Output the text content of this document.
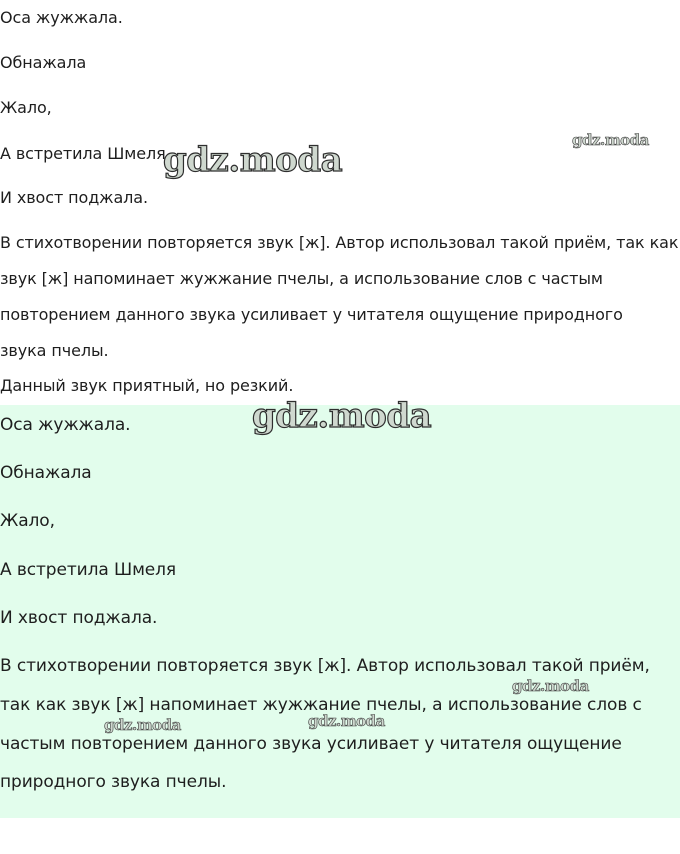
Оса жужжала.

Обнажала

Жало,

А встретила Шмеля

И хвост поджала.

В стихотворении повторяется звук [ж]. Автор использовал такой приём, так как

звук [ж] напоминает жужжание пчелы, а использование слов с частым

повторением данного звука усиливает у читателя ощущение природного

звука пчелы.

Данный звук приятный, но резкий.

Оса жужжала.

Обнажала

Жало,

А встретила Шмеля

И хвост поджала.

В стихотворении повторяется звук [ж]. Автор использовал такой приём,

так как звук [ж] напоминает жужжание пчелы, а использование слов с

частым повторением данного звука усиливает у читателя ощущение

природного звука пчелы.

gdz.moda	gdz.moda
gdz.moda
gdz.moda
gdz.moda	gdz.moda
